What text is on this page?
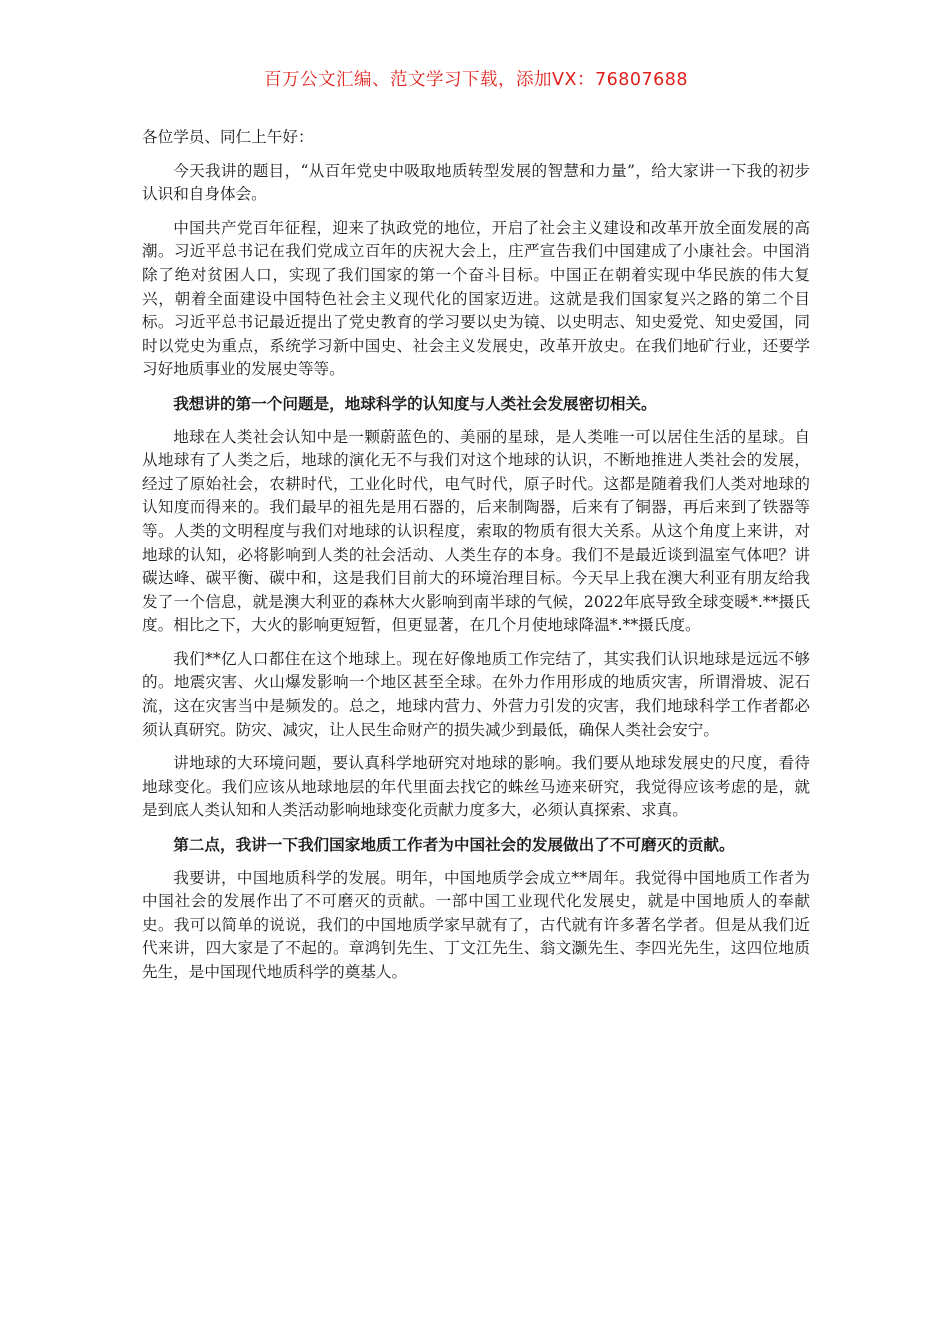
百万公文汇编、范文学习下载，添加VX：76807688

各位学员、同仁上午好：

今天我讲的题目，“从百年党史中吸取地质转型发展的智慧和力量”，给大家讲一下我的初步认识和自身体会。

中国共产党百年征程，迎来了执政党的地位，开启了社会主义建设和改革开放全面发展的高潮。习近平总书记在我们党成立百年的庆祝大会上，庄严宣告我们中国建成了小康社会。中国消除了绝对贫困人口，实现了我们国家的第一个奋斗目标。中国正在朝着实现中华民族的伟大复兴，朝着全面建设中国特色社会主义现代化的国家迈进。这就是我们国家复兴之路的第二个目标。习近平总书记最近提出了党史教育的学习要以史为镜、以史明志、知史爱党、知史爱国，同时以党史为重点，系统学习新中国史、社会主义发展史，改革开放史。在我们地矿行业，还要学习好地质事业的发展史等等。

我想讲的第一个问题是，地球科学的认知度与人类社会发展密切相关。

地球在人类社会认知中是一颗蔚蓝色的、美丽的星球，是人类唯一可以居住生活的星球。自从地球有了人类之后，地球的演化无不与我们对这个地球的认识，不断地推进人类社会的发展，经过了原始社会，农耕时代，工业化时代，电气时代，原子时代。这都是随着我们人类对地球的认知度而得来的。我们最早的祖先是用石器的，后来制陶器，后来有了铜器，再后来到了铁器等等。人类的文明程度与我们对地球的认识程度，索取的物质有很大关系。从这个角度上来讲，对地球的认知，必将影响到人类的社会活动、人类生存的本身。我们不是最近谈到温室气体吧？讲碳达峰、碳平衡、碳中和，这是我们目前大的环境治理目标。今天早上我在澳大利亚有朋友给我发了一个信息，就是澳大利亚的森林大火影响到南半球的气候，2022年底导致全球变暖*.**摄氏度。相比之下，大火的影响更短暂，但更显著，在几个月使地球降温*.**摄氏度。

我们**亿人口都住在这个地球上。现在好像地质工作完结了，其实我们认识地球是远远不够的。地震灾害、火山爆发影响一个地区甚至全球。在外力作用形成的地质灾害，所谓滑坡、泥石流，这在灾害当中是频发的。总之，地球内营力、外营力引发的灾害，我们地球科学工作者都必须认真研究。防灾、减灾，让人民生命财产的损失减少到最低，确保人类社会安宁。

讲地球的大环境问题，要认真科学地研究对地球的影响。我们要从地球发展史的尺度，看待地球变化。我们应该从地球地层的年代里面去找它的蛛丝马迹来研究，我觉得应该考虑的是，就是到底人类认知和人类活动影响地球变化贡献力度多大，必须认真探索、求真。

第二点，我讲一下我们国家地质工作者为中国社会的发展做出了不可磨灭的贡献。

我要讲，中国地质科学的发展。明年，中国地质学会成立**周年。我觉得中国地质工作者为中国社会的发展作出了不可磨灭的贡献。一部中国工业现代化发展史，就是中国地质人的奉献史。我可以简单的说说，我们的中国地质学家早就有了，古代就有许多著名学者。但是从我们近代来讲，四大家是了不起的。章鸿钊先生、丁文江先生、翁文灏先生、李四光先生，这四位地质先生，是中国现代地质科学的奠基人。
